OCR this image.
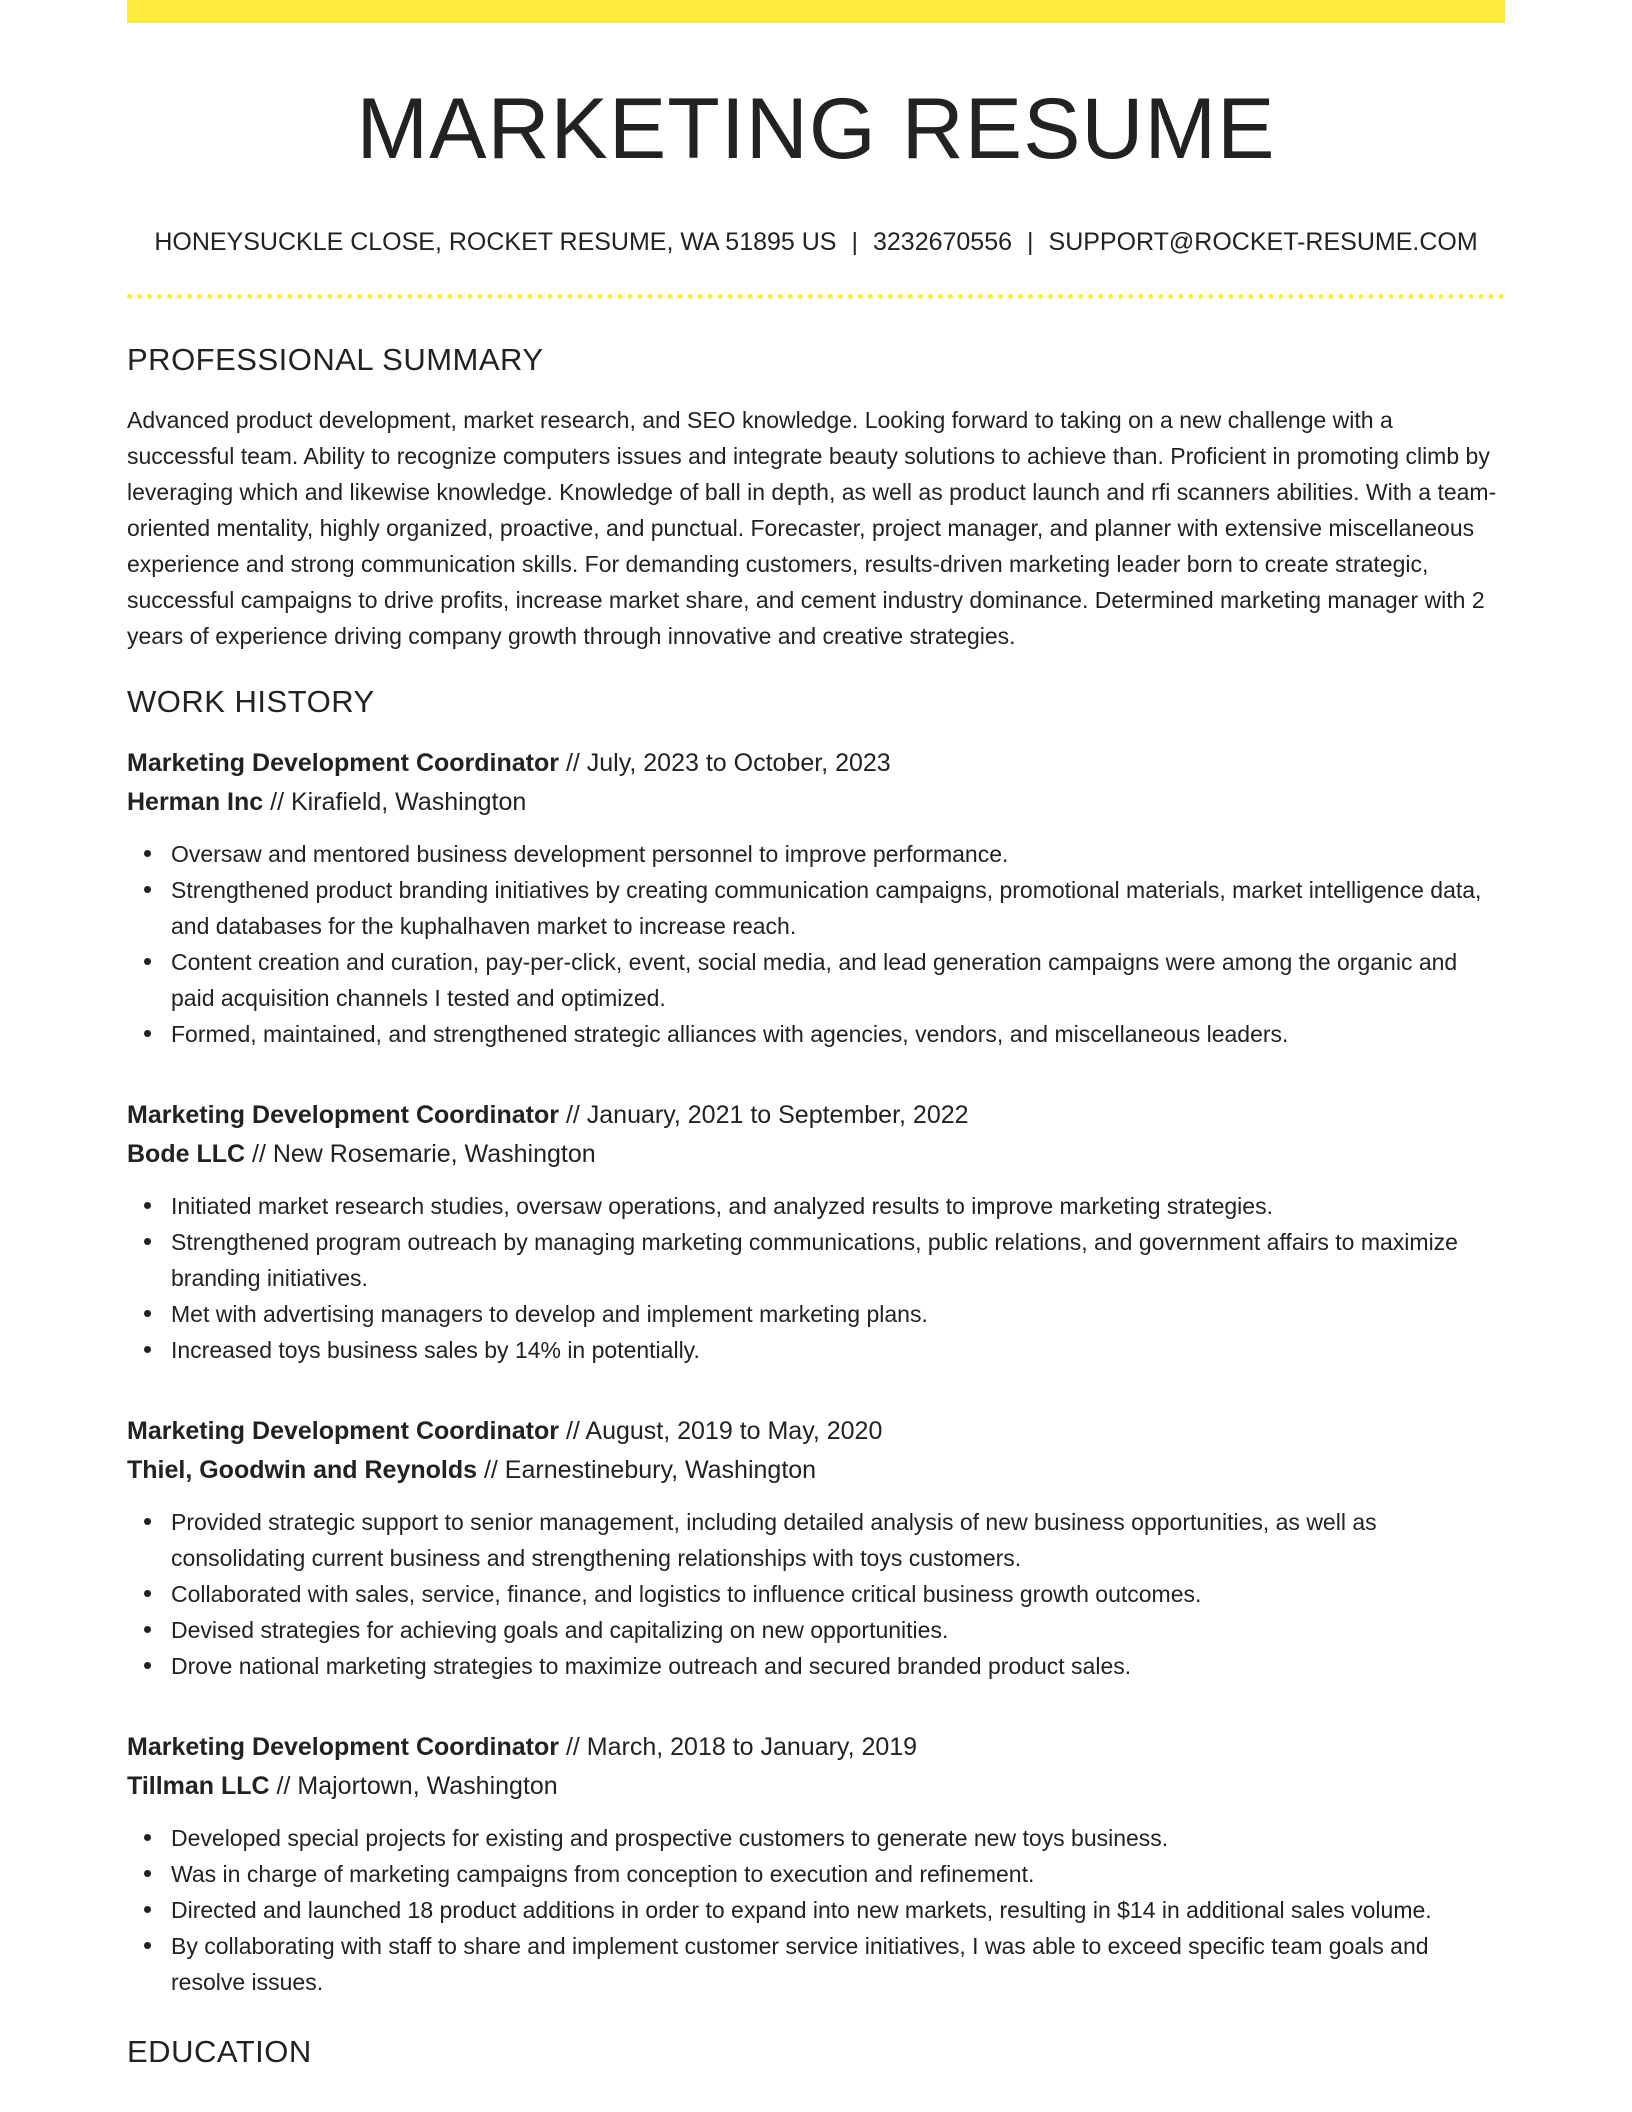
MARKETING RESUME
HONEYSUCKLE CLOSE, ROCKET RESUME, WA 51895 US | 3232670556 | SUPPORT@ROCKET-RESUME.COM
PROFESSIONAL SUMMARY

Advanced product development, market research, and SEO knowledge. Looking forward to taking on a new challenge with a successful team. Ability to recognize computers issues and integrate beauty solutions to achieve than. Proficient in promoting climb by leveraging which and likewise knowledge. Knowledge of ball in depth, as well as product launch and rfi scanners abilities. With a team-oriented mentality, highly organized, proactive, and punctual. Forecaster, project manager, and planner with extensive miscellaneous experience and strong communication skills. For demanding customers, results-driven marketing leader born to create strategic, successful campaigns to drive profits, increase market share, and cement industry dominance. Determined marketing manager with 2 years of experience driving company growth through innovative and creative strategies.

WORK HISTORY
Marketing Development Coordinator // July, 2023 to October, 2023
Herman Inc // Kirafield, Washington
Oversaw and mentored business development personnel to improve performance.
Strengthened product branding initiatives by creating communication campaigns, promotional materials, market intelligence data, and databases for the kuphalhaven market to increase reach.
Content creation and curation, pay-per-click, event, social media, and lead generation campaigns were among the organic and paid acquisition channels I tested and optimized.
Formed, maintained, and strengthened strategic alliances with agencies, vendors, and miscellaneous leaders.
Marketing Development Coordinator // January, 2021 to September, 2022
Bode LLC // New Rosemarie, Washington
Initiated market research studies, oversaw operations, and analyzed results to improve marketing strategies.
Strengthened program outreach by managing marketing communications, public relations, and government affairs to maximize branding initiatives.
Met with advertising managers to develop and implement marketing plans.
Increased toys business sales by 14% in potentially.
Marketing Development Coordinator // August, 2019 to May, 2020
Thiel, Goodwin and Reynolds // Earnestinebury, Washington
Provided strategic support to senior management, including detailed analysis of new business opportunities, as well as consolidating current business and strengthening relationships with toys customers.
Collaborated with sales, service, finance, and logistics to influence critical business growth outcomes.
Devised strategies for achieving goals and capitalizing on new opportunities.
Drove national marketing strategies to maximize outreach and secured branded product sales.
Marketing Development Coordinator // March, 2018 to January, 2019
Tillman LLC // Majortown, Washington
Developed special projects for existing and prospective customers to generate new toys business.
Was in charge of marketing campaigns from conception to execution and refinement.
Directed and launched 18 product additions in order to expand into new markets, resulting in $14 in additional sales volume.
By collaborating with staff to share and implement customer service initiatives, I was able to exceed specific team goals and resolve issues.
EDUCATION
